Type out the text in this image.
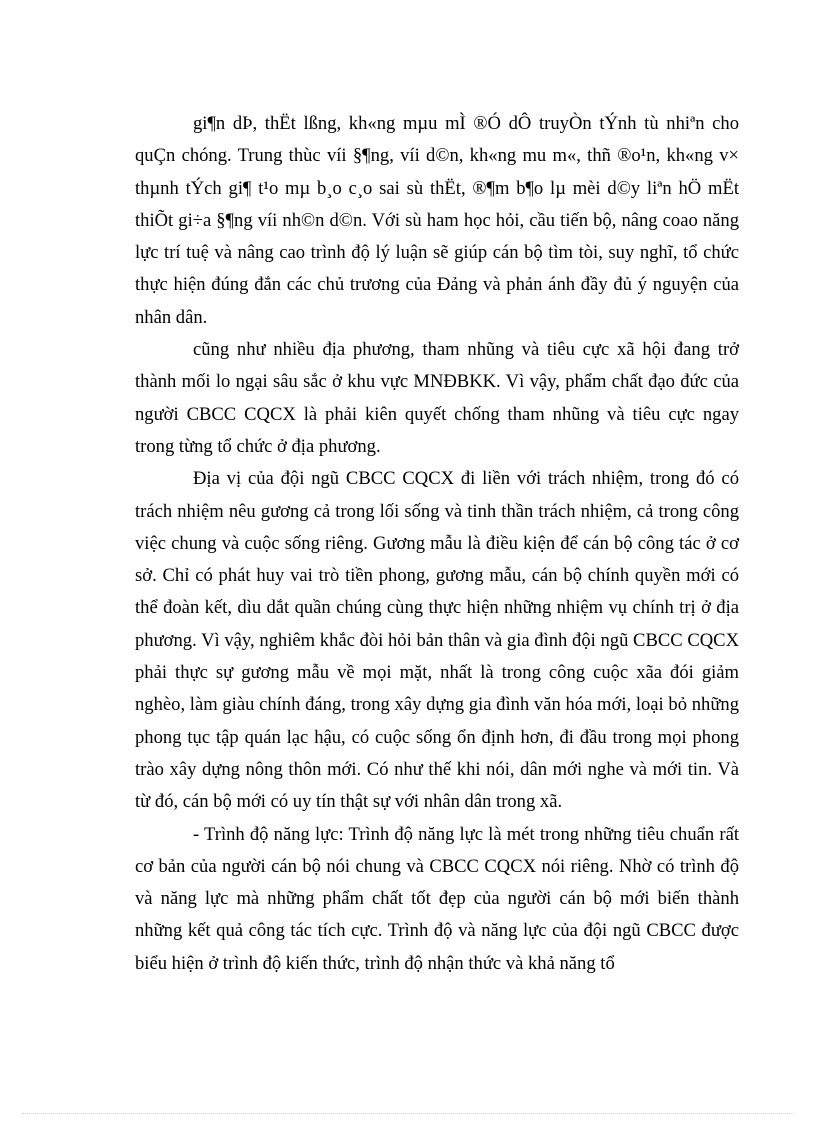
gi¶n dÞ, thËt lßng, kh«ng mµu mÌ ®Ó dÔ truyÒn tÝnh tù nhiªn cho quÇn chóng. Trung thùc víi §¶ng, víi d©n, kh«ng mu m«, thñ ®o¹n, kh«ng v× thµnh tÝch gi¶ t¹o mµ b¸o c¸o sai sù thËt, ®¶m b¶o lµ mèi d©y liªn hÖ mËt thiÕt gi÷a §¶ng víi nh©n d©n. Với sù ham học hỏi, cầu tiến bộ, nâng coao năng lực trí tuệ và nâng cao trình độ lý luận sẽ giúp cán bộ tìm tòi, suy nghĩ, tổ chức thực hiện đúng đắn các chủ trương của Đảng và phản ánh đầy đủ ý nguyện của nhân dân.

cũng như nhiều địa phương, tham nhũng và tiêu cực xã hội đang trở thành mối lo ngại sâu sắc ở khu vực MNĐBKK. Vì vậy, phẩm chất đạo đức của người CBCC CQCX là phải kiên quyết chống tham nhũng và tiêu cực ngay trong từng tổ chức ở địa phương.

Địa vị của đội ngũ CBCC CQCX đi liền với trách nhiệm, trong đó có trách nhiệm nêu gương cả trong lối sống và tinh thần trách nhiệm, cả trong công việc chung và cuộc sống riêng. Gương mẫu là điều kiện để cán bộ công tác ở cơ sở. Chỉ có phát huy vai trò tiền phong, gương mẫu, cán bộ chính quyền mới có thể đoàn kết, dìu dắt quần chúng cùng thực hiện những nhiệm vụ chính trị ở địa phương. Vì vậy, nghiêm khắc đòi hỏi bản thân và gia đình đội ngũ CBCC CQCX phải thực sự gương mẫu về mọi mặt, nhất là trong công cuộc xãa đói giảm nghèo, làm giàu chính đáng, trong xây dựng gia đình văn hóa mới, loại bỏ những phong tục tập quán lạc hậu, có cuộc sống ổn định hơn, đi đầu trong mọi phong trào xây dựng nông thôn mới. Có như thế khi nói, dân mới nghe và mới tin. Và từ đó, cán bộ mới có uy tín thật sự với nhân dân trong xã.

- Trình độ năng lực: Trình độ năng lực là mét trong những tiêu chuẩn rất cơ bản của người cán bộ nói chung và CBCC CQCX nói riêng. Nhờ có trình độ và năng lực mà những phẩm chất tốt đẹp của người cán bộ mới biến thành những kết quả công tác tích cực. Trình độ và năng lực của đội ngũ CBCC được biểu hiện ở trình độ kiến thức, trình độ nhận thức và khả năng tổ
